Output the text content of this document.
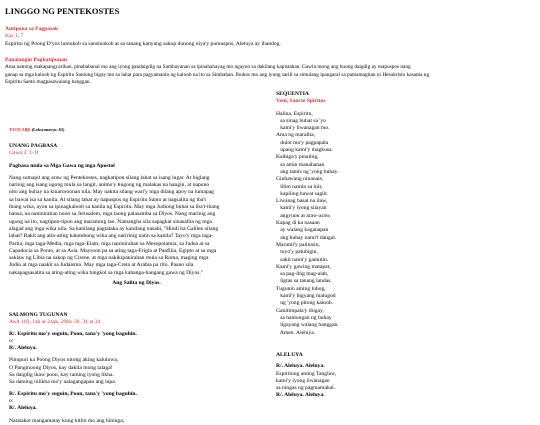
LINGGO NG PENTEKOSTES
Antipona sa Pagpasok
Kar 1, 7
Espiritu ng Poong D'yos lumukob sa sansinukob at sa tanang kanyang sakop dunong niya'y pumuspos, Aleluya ay ihandog.
Panalangin Pagkatipunan
Ama naming makapangyarihan, pinababanal mo ang iyong pandaigdig na Sambayanan sa ipinahahayag mo ngayon sa dakilang kapistahan. Gawin mong ang buong daigdig ay mapuspos nang
ganap sa mga kaloob ng Espiritu Santong bigay mo sa lahat para pagyamanin ng kaloob na ito sa Simbahan. Ibuhos mo ang iyong sarili sa simulang ipangaral sa pamamagitan ni Hesukristo kasama ng
Espiritu Santo magpasawalang hanggan.
TAON ABK (Leksyonaryo: 63)
UNANG PAGBASA
Gawa 2, 1-11
Pagbasa mula sa Mga Gawa ng mga Apostol
Nang sumapit ang araw ng Pentekostes, nagkatipon silang lahat sa isang lugar. At biglang
narinig ang isang ugong mula sa langit, animo'y hugong ng malakas na hangin, at napuno
nito ang buhay na kinaroroonan nila. May nakita silang wari'y mga dilang apoy na lumapag
sa bawat isa sa kanila. At silang lahat ay napuspos ng Espiritu Santo at nagsalita ng iba't
ibang wika, ayon sa ipinagkaloob sa kanila ng Espiritu. May mga Judiong buhat sa iba't-ibang
bansa, na naninirahan noon sa Jerusalem, mga taong palasamba sa Diyos. Nang marinig ang
ugong na ito, nagtipon-tipon ang maraming tao. Namangha sila sapagkat sinasalita ng mga
alagad ang mga wika nila. Sa kanilang pagtataka ay kanilang nasabi, "Hindi ba Galileo silang
lahat? Bakit ang atin-ating katutubong wika ang naririnig natin sa kanila? Tayo'y mga taga-
Partia, mga taga-Media, mga taga-Elam; mga naninirahan sa Mesopotamia, sa Judea at sa
Capadocia sa Ponto, at sa Asia. Mayroon pa sa ating taga-Frigia at Panfilia, Egipto at sa mga
saklaw ng Libia na sakop ng Cirene, at mga nakikipanirahan mula sa Roma, maging mga
Judio at mga naakit sa Judaismo. May mga taga-Creta at Arabia pa rito. Paano sila
nakapagsasalita sa ating-ating wika tungkol sa mga kahanga-hangang gawa ng Diyos."
Ang Salita ng Diyos.
SALMONG TUGUNAN
Awit 103, 1ab at 24ak. 29bk-30. 31 at 34
R/. Espiritu mo'y suguin, Poon, tana'y 'yong baguhin.
o:
R/. Aleluya.
Pinupuri ka Poong Diyos nitong aking kaluluwa,
O Panginoong Diyos, kay dakila mong talaga!
Sa daigdig ikaw poon, kay raming iyong likha.
Sa daming nilikha mo'y nalagangapan ang lupa.
R/. Espiritu mo'y suguin, Poon, tana'y 'yong baguhin.
o:
R/. Aleluya.
Natatakot mangamatay kung kitlin mo ang hininga;
SEQUENTIA
Veni, Sancte Spiritus
Halina, Espiritu,
sa sinag buhat sa 'yo
kami'y liwanagan mo.
Ama ng maralita,
dulot mo'y pagpapala
upang kami'y magkusa.
Kaibiga'y pinaibig,
sa amin manahanan
ang tamis ng 'yong buhay.
Ginhawang ninanais,
lilim namin sa init,
kapiling bawat saglit.
Liwanag basal na ilaw,
kami'y iyong silayan
angyuon at araw-araw.
Kapag di ka nasaan
ay walang kaganapan
ang buhay nami't dangal.
Marumi'y palinisin,
tuyo'y patubigin,
sakit nami'y gamutin.
Kami'y gawing matapat,
sa pag-ibig mag-alab,
ligtas sa tanang landas.
Tugunin aming luhog,
kami'y bigyang malugod
ng 'yong pitong kaloob.
Ganitimpala'y ibigay,
sa hantungan ng buhay
ligayang walang hanggan.
Amen. Aleluya.
ALELUYA
R/. Aleluya. Aleluya.
Espiritung aming Tanglaw,
kami'y iyong liwanagan
sa ningas ng pagmamahal.
R/. Aleluya. Aleluya.
